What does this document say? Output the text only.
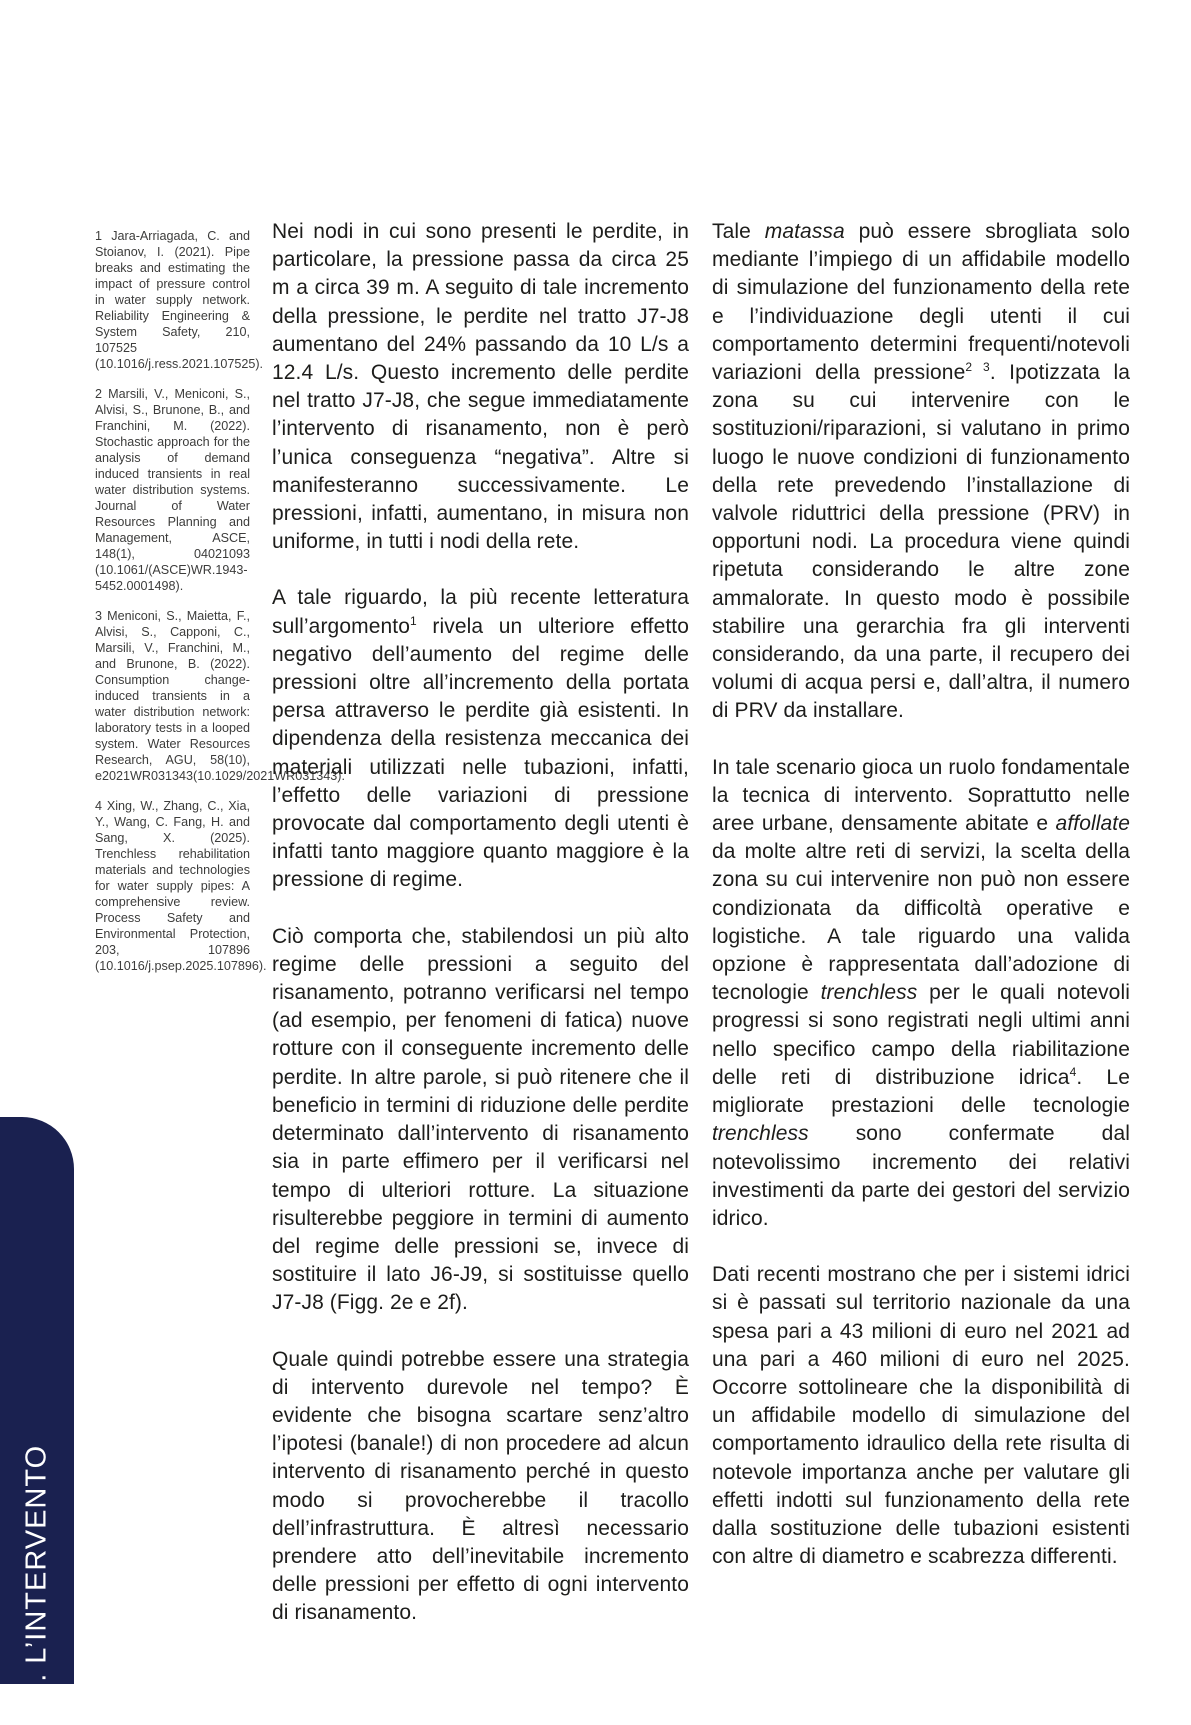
1 Jara-Arriagada, C. and Stoianov, I. (2021). Pipe breaks and estimating the impact of pressure control in water supply network. Reliability Engineering & System Safety, 210, 107525 (10.1016/j.ress.2021.107525).

2 Marsili, V., Meniconi, S., Alvisi, S., Brunone, B., and Franchini, M. (2022). Stochastic approach for the analysis of demand induced transients in real water distribution systems. Journal of Water Resources Planning and Management, ASCE, 148(1), 04021093 (10.1061/(ASCE)WR.1943-5452.0001498).

3 Meniconi, S., Maietta, F., Alvisi, S., Capponi, C., Marsili, V., Franchini, M., and Brunone, B. (2022). Consumption change-induced transients in a water distribution network: laboratory tests in a looped system. Water Resources Research, AGU, 58(10), e2021WR031343(10.1029/2021WR031343).

4 Xing, W., Zhang, C., Xia, Y., Wang, C. Fang, H. and Sang, X. (2025). Trenchless rehabilitation materials and technologies for water supply pipes: A comprehensive review. Process Safety and Environmental Protection, 203, 107896 (10.1016/j.psep.2025.107896).

Nei nodi in cui sono presenti le perdite, in particolare, la pressione passa da circa 25 m a circa 39 m. A seguito di tale incremento della pressione, le perdite nel tratto J7-J8 aumentano del 24% passando da 10 L/s a 12.4 L/s. Questo incremento delle perdite nel tratto J7-J8, che segue immediatamente l’intervento di risanamento, non è però l’unica conseguenza “negativa”. Altre si manifesteranno successivamente. Le pressioni, infatti, aumentano, in misura non uniforme, in tutti i nodi della rete.

A tale riguardo, la più recente letteratura sull’argomento$^1$ rivela un ulteriore effetto negativo dell’aumento del regime delle pressioni oltre all’incremento della portata persa attraverso le perdite già esistenti. In dipendenza della resistenza meccanica dei materiali utilizzati nelle tubazioni, infatti, l’effetto delle variazioni di pressione provocate dal comportamento degli utenti è infatti tanto maggiore quanto maggiore è la pressione di regime.

Ciò comporta che, stabilendosi un più alto regime delle pressioni a seguito del risanamento, potranno verificarsi nel tempo (ad esempio, per fenomeni di fatica) nuove rotture con il conseguente incremento delle perdite. In altre parole, si può ritenere che il beneficio in termini di riduzione delle perdite determinato dall’intervento di risanamento sia in parte effimero per il verificarsi nel tempo di ulteriori rotture. La situazione risulterebbe peggiore in termini di aumento del regime delle pressioni se, invece di sostituire il lato J6-J9, si sostituisse quello J7-J8 (Figg. 2e e 2f).

Quale quindi potrebbe essere una strategia di intervento durevole nel tempo? È evidente che bisogna scartare senz’altro l’ipotesi (banale!) di non procedere ad alcun intervento di risanamento perché in questo modo si provocherebbe il tracollo dell’infrastruttura. È altresì necessario prendere atto dell’inevitabile incremento delle pressioni per effetto di ogni intervento di risanamento.

Tale matassa può essere sbrogliata solo mediante l’impiego di un affidabile modello di simulazione del funzionamento della rete e l’individuazione degli utenti il cui comportamento determini frequenti/notevoli variazioni della pressione$^{2 3}$. Ipotizzata la zona su cui intervenire con le sostituzioni/riparazioni, si valutano in primo luogo le nuove condizioni di funzionamento della rete prevedendo l’installazione di valvole riduttrici della pressione (PRV) in opportuni nodi. La procedura viene quindi ripetuta considerando le altre zone ammalorate. In questo modo è possibile stabilire una gerarchia fra gli interventi considerando, da una parte, il recupero dei volumi di acqua persi e, dall’altra, il numero di PRV da installare.

In tale scenario gioca un ruolo fondamentale la tecnica di intervento. Soprattutto nelle aree urbane, densamente abitate e affollate da molte altre reti di servizi, la scelta della zona su cui intervenire non può non essere condizionata da difficoltà operative e logistiche. A tale riguardo una valida opzione è rappresentata dall’adozione di tecnologie trenchless per le quali notevoli progressi si sono registrati negli ultimi anni nello specifico campo della riabilitazione delle reti di distribuzione idrica$^4$. Le migliorate prestazioni delle tecnologie trenchless sono confermate dal notevolissimo incremento dei relativi investimenti da parte dei gestori del servizio idrico.

Dati recenti mostrano che per i sistemi idrici si è passati sul territorio nazionale da una spesa pari a 43 milioni di euro nel 2021 ad una pari a 460 milioni di euro nel 2025. Occorre sottolineare che la disponibilità di un affidabile modello di simulazione del comportamento idraulico della rete risulta di notevole importanza anche per valutare gli effetti indotti sul funzionamento della rete dalla sostituzione delle tubazioni esistenti con altre di diametro e scabrezza differenti.

22 . L’INTERVENTO
